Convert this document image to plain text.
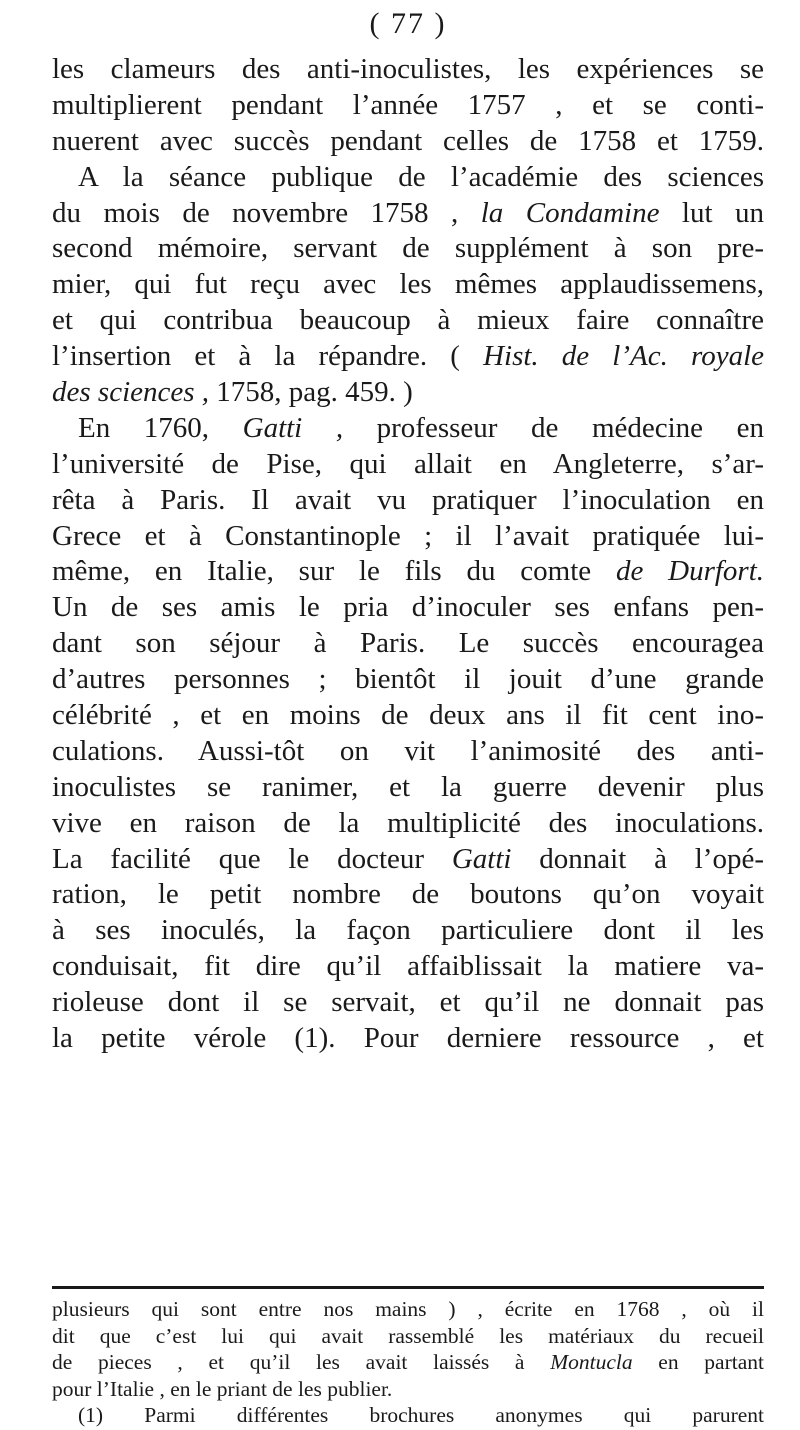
( 77 )
les clameurs des anti-inoculistes, les expériences se
multiplierent pendant l’année 1757 , et se conti-
nuerent avec succès pendant celles de 1758 et 1759.
A la séance publique de l’académie des sciences
du mois de novembre 1758 , la Condamine lut un
second mémoire, servant de supplément à son pre-
mier, qui fut reçu avec les mêmes applaudissemens,
et qui contribua beaucoup à mieux faire connaître
l’insertion et à la répandre. ( Hist. de l’Ac. royale
des sciences , 1758, pag. 459. )
En 1760, Gatti , professeur de médecine en
l’université de Pise, qui allait en Angleterre, s’ar-
rêta à Paris. Il avait vu pratiquer l’inoculation en
Grece et à Constantinople ; il l’avait pratiquée lui-
même, en Italie, sur le fils du comte de Durfort.
Un de ses amis le pria d’inoculer ses enfans pen-
dant son séjour à Paris. Le succès encouragea
d’autres personnes ; bientôt il jouit d’une grande
célébrité , et en moins de deux ans il fit cent ino-
culations. Aussi-tôt on vit l’animosité des anti-
inoculistes se ranimer, et la guerre devenir plus
vive en raison de la multiplicité des inoculations.
La facilité que le docteur Gatti donnait à l’opé-
ration, le petit nombre de boutons qu’on voyait
à ses inoculés, la façon particuliere dont il les
conduisait, fit dire qu’il affaiblissait la matiere va-
rioleuse dont il se servait, et qu’il ne donnait pas
la petite vérole (1). Pour derniere ressource , et
plusieurs qui sont entre nos mains ) , écrite en 1768 , où il
dit que c’est lui qui avait rassemblé les matériaux du recueil
de pieces , et qu’il les avait laissés à Montucla en partant
pour l’Italie , en le priant de les publier.
(1) Parmi différentes brochures anonymes qui parurent
